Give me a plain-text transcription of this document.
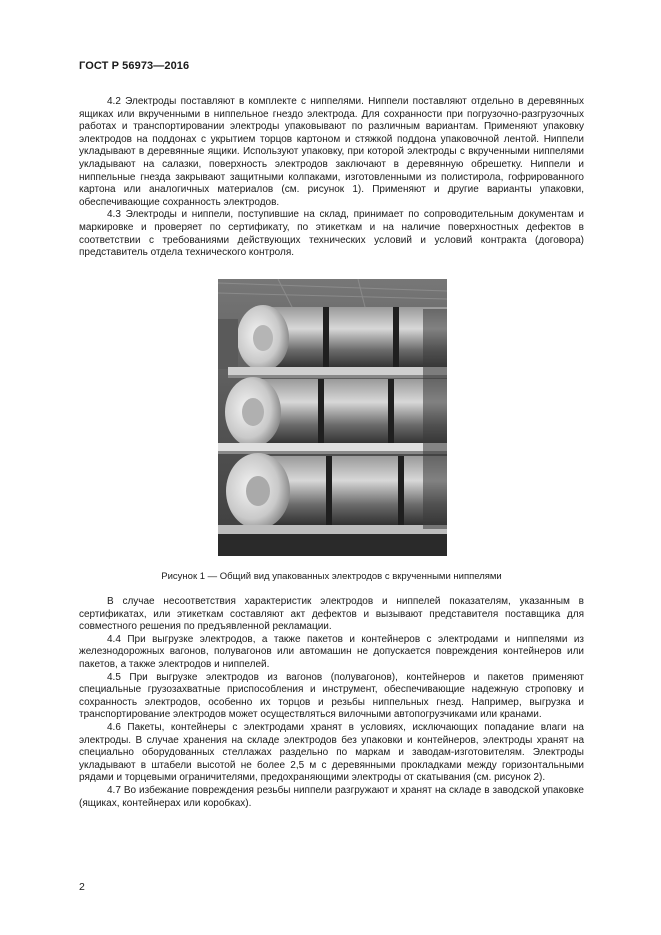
ГОСТ Р 56973—2016

4.2 Электроды поставляют в комплекте с ниппелями. Ниппели поставляют отдельно в деревянных ящиках или вкрученными в ниппельное гнездо электрода. Для сохранности при погрузочно-разгрузочных работах и транспортировании электроды упаковывают по различным вариантам. Применяют упаковку электродов на поддонах с укрытием торцов картоном и стяжкой поддона упаковочной лентой. Ниппели укладывают в деревянные ящики. Используют упаковку, при которой электроды с вкрученными ниппелями укладывают на салазки, поверхность электродов заключают в деревянную обрешетку. Ниппели и ниппельные гнезда закрывают защитными колпаками, изготовленными из полистирола, гофрированного картона или аналогичных материалов (см. рисунок 1). Применяют и другие варианты упаковки, обеспечивающие сохранность электродов.

4.3 Электроды и ниппели, поступившие на склад, принимает по сопроводительным документам и маркировке и проверяет по сертификату, по этикеткам и на наличие поверхностных дефектов в соответствии с требованиями действующих технических условий и условий контракта (договора) представитель отдела технического контроля.

Рисунок 1 — Общий вид упакованных электродов с вкрученными ниппелями

В случае несоответствия характеристик электродов и ниппелей показателям, указанным в сертификатах, или этикеткам составляют акт дефектов и вызывают представителя поставщика для совместного решения по предъявленной рекламации.

4.4 При выгрузке электродов, а также пакетов и контейнеров с электродами и ниппелями из железнодорожных вагонов, полувагонов или автомашин не допускается повреждения контейнеров или пакетов, а также электродов и ниппелей.

4.5 При выгрузке электродов из вагонов (полувагонов), контейнеров и пакетов применяют специальные грузозахватные приспособления и инструмент, обеспечивающие надежную строповку и сохранность электродов, особенно их торцов и резьбы ниппельных гнезд. Например, выгрузка и транспортирование электродов может осуществляться вилочными автопогрузчиками или кранами.

4.6 Пакеты, контейнеры с электродами хранят в условиях, исключающих попадание влаги на электроды. В случае хранения на складе электродов без упаковки и контейнеров, электроды хранят на специально оборудованных стеллажах раздельно по маркам и заводам-изготовителям. Электроды укладывают в штабели высотой не более 2,5 м с деревянными прокладками между горизонтальными рядами и торцевыми ограничителями, предохраняющими электроды от скатывания (см. рисунок 2).

4.7 Во избежание повреждения резьбы ниппели разгружают и хранят на складе в заводской упаковке (ящиках, контейнерах или коробках).

2
